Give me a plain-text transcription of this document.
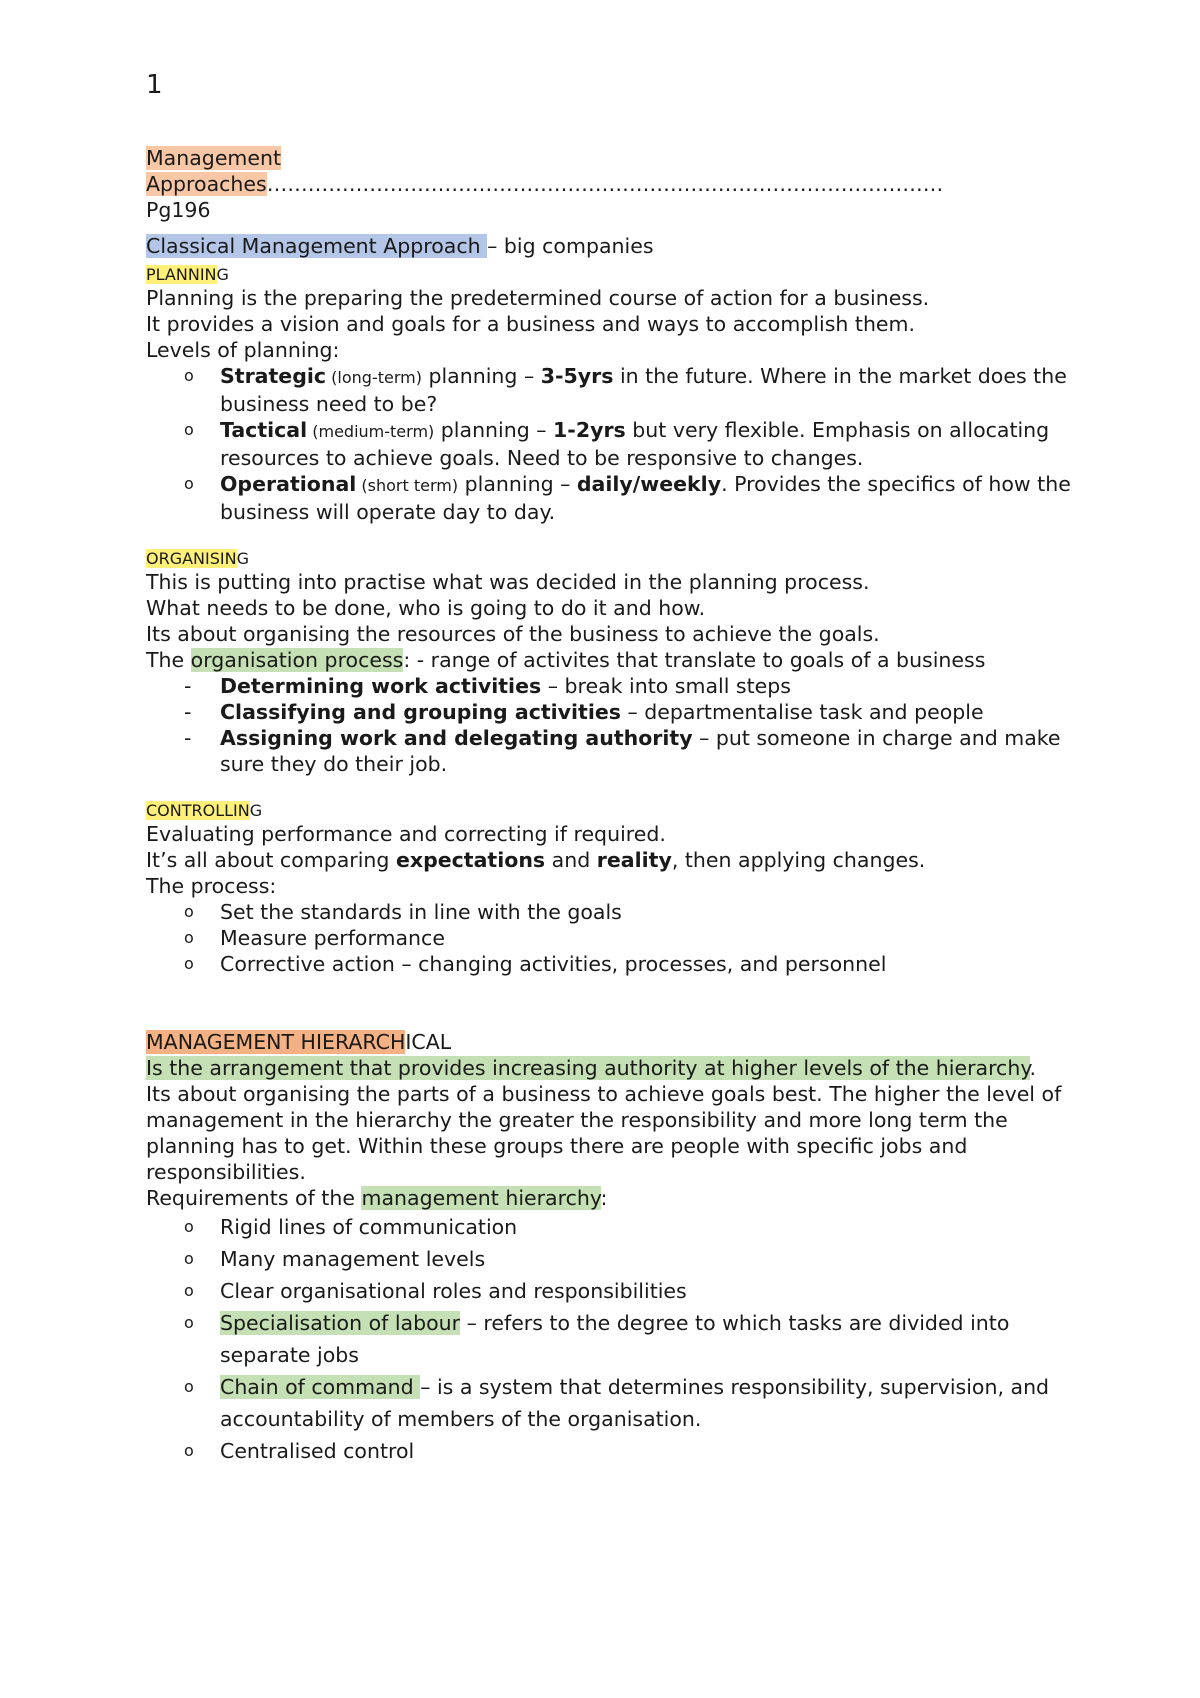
1
Management
Approaches………………………………………………………………………………………
Pg196
Classical Management Approach – big companies
PLANNING
Planning is the preparing the predetermined course of action for a business.
It provides a vision and goals for a business and ways to accomplish them.
Levels of planning:
o Strategic (long-term) planning – 3-5yrs in the future. Where in the market does the business need to be?
o Tactical (medium-term) planning – 1-2yrs but very flexible. Emphasis on allocating resources to achieve goals. Need to be responsive to changes.
o Operational (short term) planning – daily/weekly. Provides the specifics of how the business will operate day to day.
ORGANISING
This is putting into practise what was decided in the planning process.
What needs to be done, who is going to do it and how.
Its about organising the resources of the business to achieve the goals.
The organisation process: - range of activites that translate to goals of a business
- Determining work activities – break into small steps
- Classifying and grouping activities – departmentalise task and people
- Assigning work and delegating authority – put someone in charge and make sure they do their job.
CONTROLLING
Evaluating performance and correcting if required.
It’s all about comparing expectations and reality, then applying changes.
The process:
o Set the standards in line with the goals
o Measure performance
o Corrective action – changing activities, processes, and personnel
MANAGEMENT HIERARCHICAL
Is the arrangement that provides increasing authority at higher levels of the hierarchy.
Its about organising the parts of a business to achieve goals best. The higher the level of management in the hierarchy the greater the responsibility and more long term the planning has to get. Within these groups there are people with specific jobs and responsibilities.
Requirements of the management hierarchy:
o Rigid lines of communication
o Many management levels
o Clear organisational roles and responsibilities
o Specialisation of labour – refers to the degree to which tasks are divided into separate jobs
o Chain of command – is a system that determines responsibility, supervision, and accountability of members of the organisation.
o Centralised control
